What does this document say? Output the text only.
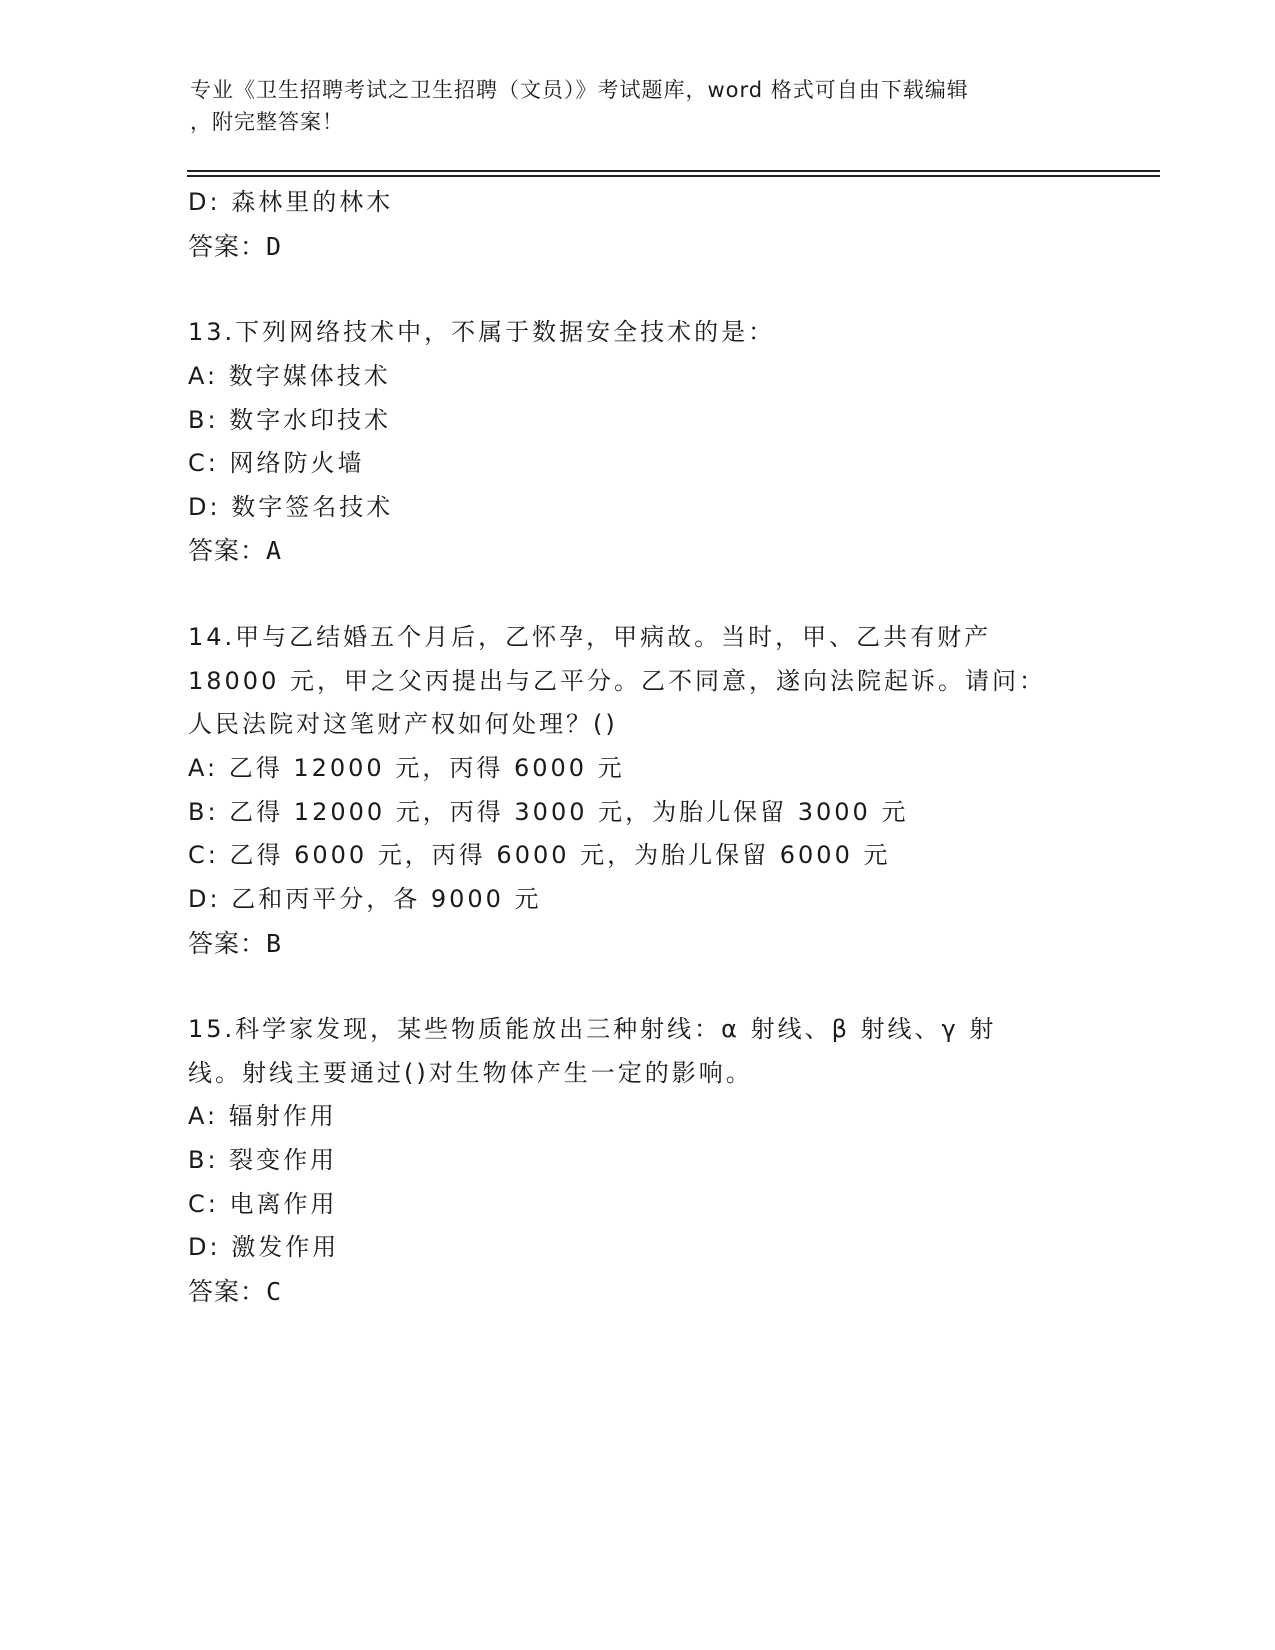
专业《卫生招聘考试之卫生招聘（文员）》考试题库，word 格式可自由下载编辑
，附完整答案！
D: 森林里的林木
答案：D
13.下列网络技术中，不属于数据安全技术的是：
A: 数字媒体技术
B: 数字水印技术
C: 网络防火墙
D: 数字签名技术
答案：A
14.甲与乙结婚五个月后，乙怀孕，甲病故。当时，甲、乙共有财产
18000 元，甲之父丙提出与乙平分。乙不同意，遂向法院起诉。请问：
人民法院对这笔财产权如何处理？()
A: 乙得 12000 元，丙得 6000 元
B: 乙得 12000 元，丙得 3000 元，为胎儿保留 3000 元
C: 乙得 6000 元，丙得 6000 元，为胎儿保留 6000 元
D: 乙和丙平分，各 9000 元
答案：B
15.科学家发现，某些物质能放出三种射线：α 射线、β 射线、γ 射
线。射线主要通过()对生物体产生一定的影响。
A: 辐射作用
B: 裂变作用
C: 电离作用
D: 激发作用
答案：C
